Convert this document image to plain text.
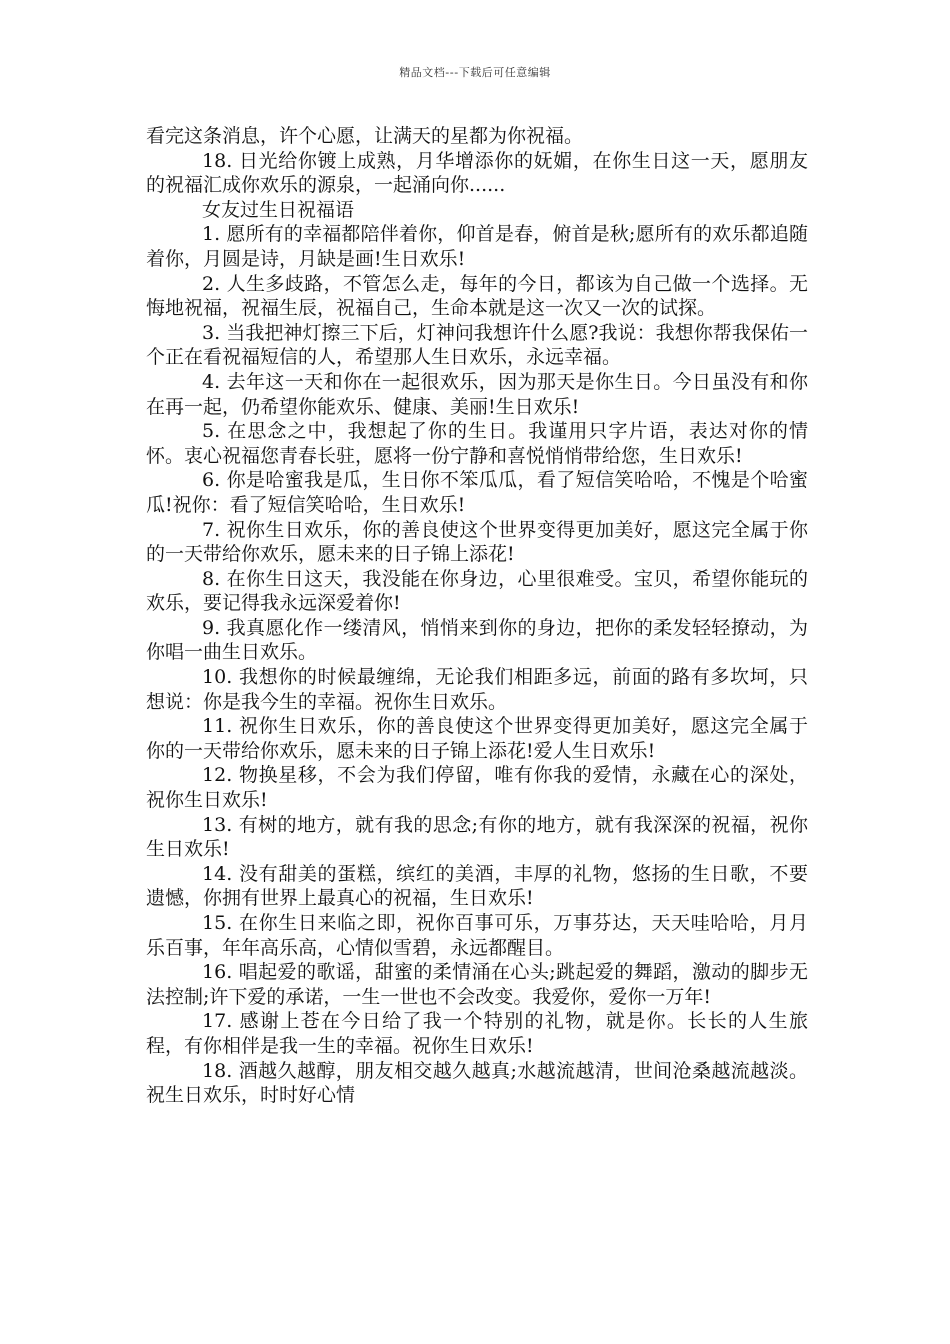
精品文档---下载后可任意编辑

看完这条消息，许个心愿，让满天的星都为你祝福。

18. 日光给你镀上成熟，月华增添你的妩媚，在你生日这一天，愿朋友的祝福汇成你欢乐的源泉，一起涌向你......

女友过生日祝福语

1. 愿所有的幸福都陪伴着你，仰首是春，俯首是秋;愿所有的欢乐都追随着你，月圆是诗，月缺是画!生日欢乐!

2. 人生多歧路，不管怎么走，每年的今日，都该为自己做一个选择。无悔地祝福，祝福生辰，祝福自己，生命本就是这一次又一次的试探。

3. 当我把神灯擦三下后，灯神问我想许什么愿?我说：我想你帮我保佑一个正在看祝福短信的人，希望那人生日欢乐，永远幸福。

4. 去年这一天和你在一起很欢乐，因为那天是你生日。今日虽没有和你在再一起，仍希望你能欢乐、健康、美丽!生日欢乐!

5. 在思念之中，我想起了你的生日。我谨用只字片语，表达对你的情怀。衷心祝福您青春长驻，愿将一份宁静和喜悦悄悄带给您，生日欢乐!

6. 你是哈蜜我是瓜，生日你不笨瓜瓜，看了短信笑哈哈，不愧是个哈蜜瓜!祝你：看了短信笑哈哈，生日欢乐!

7. 祝你生日欢乐，你的善良使这个世界变得更加美好，愿这完全属于你的一天带给你欢乐，愿未来的日子锦上添花!

8. 在你生日这天，我没能在你身边，心里很难受。宝贝，希望你能玩的欢乐，要记得我永远深爱着你!

9. 我真愿化作一缕清风，悄悄来到你的身边，把你的柔发轻轻撩动，为你唱一曲生日欢乐。

10. 我想你的时候最缠绵，无论我们相距多远，前面的路有多坎坷，只想说：你是我今生的幸福。祝你生日欢乐。

11. 祝你生日欢乐，你的善良使这个世界变得更加美好，愿这完全属于你的一天带给你欢乐，愿未来的日子锦上添花!爱人生日欢乐!

12. 物换星移，不会为我们停留，唯有你我的爱情，永藏在心的深处，祝你生日欢乐!

13. 有树的地方，就有我的思念;有你的地方，就有我深深的祝福，祝你生日欢乐!

14. 没有甜美的蛋糕，缤红的美酒，丰厚的礼物，悠扬的生日歌，不要遗憾，你拥有世界上最真心的祝福，生日欢乐!

15. 在你生日来临之即，祝你百事可乐，万事芬达，天天哇哈哈，月月乐百事，年年高乐高，心情似雪碧，永远都醒目。

16. 唱起爱的歌谣，甜蜜的柔情涌在心头;跳起爱的舞蹈，激动的脚步无法控制;许下爱的承诺，一生一世也不会改变。我爱你，爱你一万年!

17. 感谢上苍在今日给了我一个特别的礼物，就是你。长长的人生旅程，有你相伴是我一生的幸福。祝你生日欢乐!

18. 酒越久越醇，朋友相交越久越真;水越流越清，世间沧桑越流越淡。祝生日欢乐，时时好心情
